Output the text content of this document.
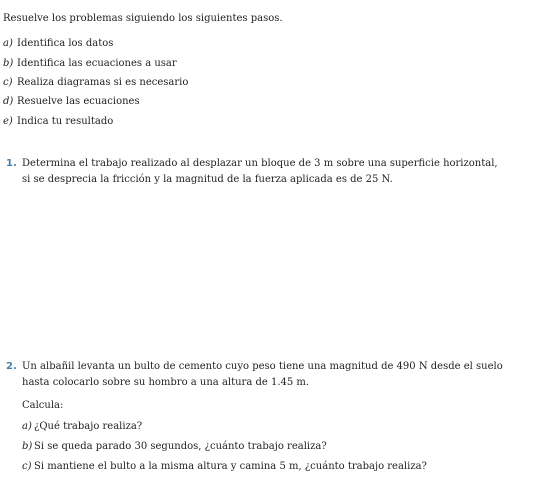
Resuelve los problemas siguiendo los siguientes pasos.
a) Identifica los datos
b) Identifica las ecuaciones a usar
c) Realiza diagramas si es necesario
d) Resuelve las ecuaciones
e) Indica tu resultado
1. Determina el trabajo realizado al desplazar un bloque de 3 m sobre una superficie horizontal,
si se desprecia la fricción y la magnitud de la fuerza aplicada es de 25 N.
2. Un albañil levanta un bulto de cemento cuyo peso tiene una magnitud de 490 N desde el suelo
hasta colocarlo sobre su hombro a una altura de 1.45 m.
Calcula:
a) ¿Qué trabajo realiza?
b) Si se queda parado 30 segundos, ¿cuánto trabajo realiza?
c) Si mantiene el bulto a la misma altura y camina 5 m, ¿cuánto trabajo realiza?
